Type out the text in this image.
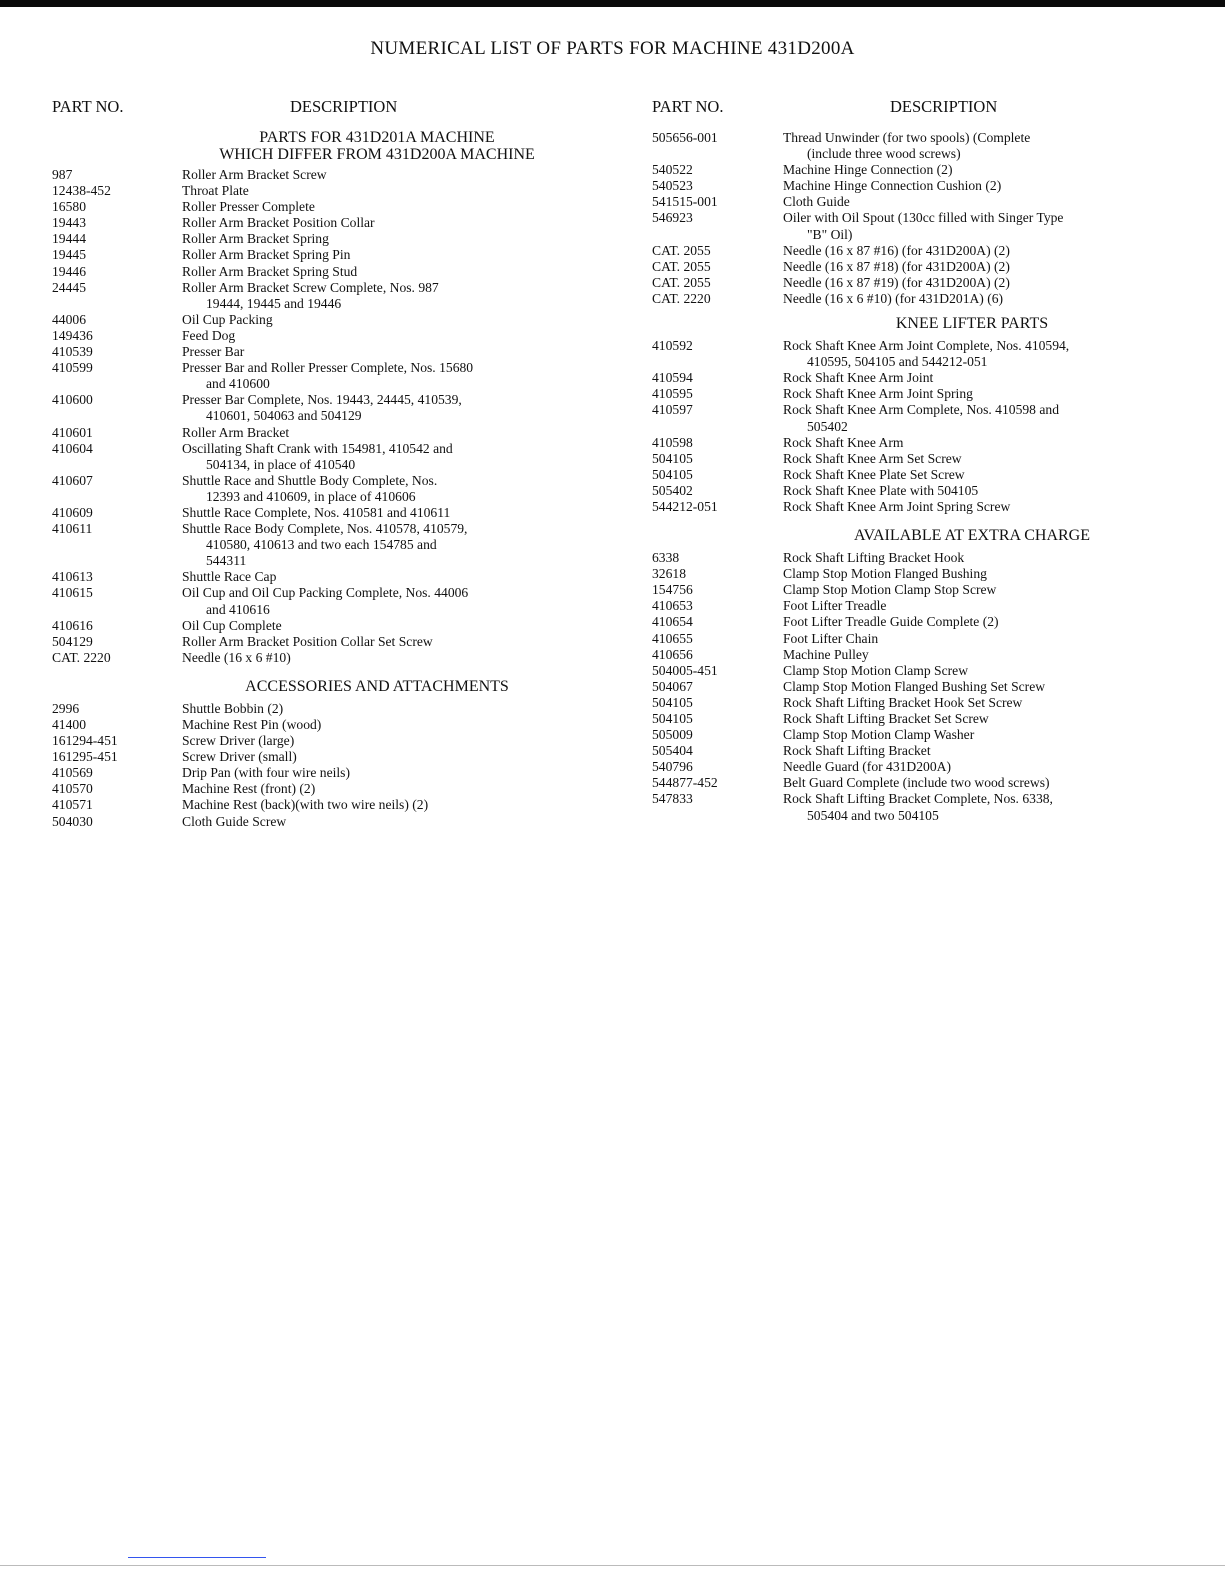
NUMERICAL LIST OF PARTS FOR MACHINE 431D200A
PART NO.	DESCRIPTION
PARTS FOR 431D201A MACHINE
WHICH DIFFER FROM 431D200A MACHINE
987	Roller Arm Bracket Screw
12438-452	Throat Plate
16580	Roller Presser Complete
19443	Roller Arm Bracket Position Collar
19444	Roller Arm Bracket Spring
19445	Roller Arm Bracket Spring Pin
19446	Roller Arm Bracket Spring Stud
24445	Roller Arm Bracket Screw Complete, Nos. 987
19444, 19445 and 19446
44006	Oil Cup Packing
149436	Feed Dog
410539	Presser Bar
410599	Presser Bar and Roller Presser Complete, Nos. 15680
and 410600
410600	Presser Bar Complete, Nos. 19443, 24445, 410539,
410601, 504063 and 504129
410601	Roller Arm Bracket
410604	Oscillating Shaft Crank with 154981, 410542 and
504134, in place of 410540
410607	Shuttle Race and Shuttle Body Complete, Nos.
12393 and 410609, in place of 410606
410609	Shuttle Race Complete, Nos. 410581 and 410611
410611	Shuttle Race Body Complete, Nos. 410578, 410579,
410580, 410613 and two each 154785 and
544311
410613	Shuttle Race Cap
410615	Oil Cup and Oil Cup Packing Complete, Nos. 44006
and 410616
410616	Oil Cup Complete
504129	Roller Arm Bracket Position Collar Set Screw
CAT. 2220	Needle (16 x 6 #10)
ACCESSORIES AND ATTACHMENTS
2996	Shuttle Bobbin (2)
41400	Machine Rest Pin (wood)
161294-451	Screw Driver (large)
161295-451	Screw Driver (small)
410569	Drip Pan (with four wire neils)
410570	Machine Rest (front) (2)
410571	Machine Rest (back)(with two wire neils) (2)
504030	Cloth Guide Screw
PART NO.	DESCRIPTION
505656-001	Thread Unwinder (for two spools) (Complete
(include three wood screws)
540522	Machine Hinge Connection (2)
540523	Machine Hinge Connection Cushion (2)
541515-001	Cloth Guide
546923	Oiler with Oil Spout (130cc filled with Singer Type
"B" Oil)
CAT. 2055	Needle (16 x 87 #16) (for 431D200A) (2)
CAT. 2055	Needle (16 x 87 #18) (for 431D200A) (2)
CAT. 2055	Needle (16 x 87 #19) (for 431D200A) (2)
CAT. 2220	Needle (16 x 6 #10) (for 431D201A) (6)
KNEE LIFTER PARTS
410592	Rock Shaft Knee Arm Joint Complete, Nos. 410594,
410595, 504105 and 544212-051
410594	Rock Shaft Knee Arm Joint
410595	Rock Shaft Knee Arm Joint Spring
410597	Rock Shaft Knee Arm Complete, Nos. 410598 and
505402
410598	Rock Shaft Knee Arm
504105	Rock Shaft Knee Arm Set Screw
504105	Rock Shaft Knee Plate Set Screw
505402	Rock Shaft Knee Plate with 504105
544212-051	Rock Shaft Knee Arm Joint Spring Screw
AVAILABLE AT EXTRA CHARGE
6338	Rock Shaft Lifting Bracket Hook
32618	Clamp Stop Motion Flanged Bushing
154756	Clamp Stop Motion Clamp Stop Screw
410653	Foot Lifter Treadle
410654	Foot Lifter Treadle Guide Complete (2)
410655	Foot Lifter Chain
410656	Machine Pulley
504005-451	Clamp Stop Motion Clamp Screw
504067	Clamp Stop Motion Flanged Bushing Set Screw
504105	Rock Shaft Lifting Bracket Hook Set Screw
504105	Rock Shaft Lifting Bracket Set Screw
505009	Clamp Stop Motion Clamp Washer
505404	Rock Shaft Lifting Bracket
540796	Needle Guard (for 431D200A)
544877-452	Belt Guard Complete (include two wood screws)
547833	Rock Shaft Lifting Bracket Complete, Nos. 6338,
505404 and two 504105
